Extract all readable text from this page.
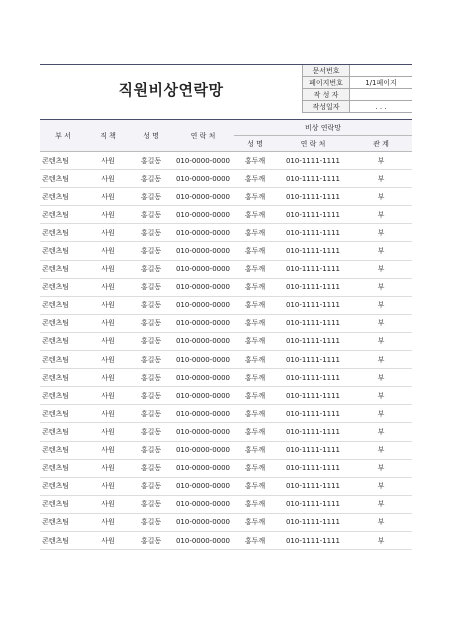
직원비상연락망
문서번호	
페이지번호	1/1페이지
작 성 자	
작성일자	. . .
부 서	직 책	성 명	연 락 처	비상 연락망		
				성 명	연 락 처	관 계
콘텐츠팀	사원	홍길동	010-0000-0000	홍두깨	010-1111-1111	부
콘텐츠팀	사원	홍길동	010-0000-0000	홍두깨	010-1111-1111	부
콘텐츠팀	사원	홍길동	010-0000-0000	홍두깨	010-1111-1111	부
콘텐츠팀	사원	홍길동	010-0000-0000	홍두깨	010-1111-1111	부
콘텐츠팀	사원	홍길동	010-0000-0000	홍두깨	010-1111-1111	부
콘텐츠팀	사원	홍길동	010-0000-0000	홍두깨	010-1111-1111	부
콘텐츠팀	사원	홍길동	010-0000-0000	홍두깨	010-1111-1111	부
콘텐츠팀	사원	홍길동	010-0000-0000	홍두깨	010-1111-1111	부
콘텐츠팀	사원	홍길동	010-0000-0000	홍두깨	010-1111-1111	부
콘텐츠팀	사원	홍길동	010-0000-0000	홍두깨	010-1111-1111	부
콘텐츠팀	사원	홍길동	010-0000-0000	홍두깨	010-1111-1111	부
콘텐츠팀	사원	홍길동	010-0000-0000	홍두깨	010-1111-1111	부
콘텐츠팀	사원	홍길동	010-0000-0000	홍두깨	010-1111-1111	부
콘텐츠팀	사원	홍길동	010-0000-0000	홍두깨	010-1111-1111	부
콘텐츠팀	사원	홍길동	010-0000-0000	홍두깨	010-1111-1111	부
콘텐츠팀	사원	홍길동	010-0000-0000	홍두깨	010-1111-1111	부
콘텐츠팀	사원	홍길동	010-0000-0000	홍두깨	010-1111-1111	부
콘텐츠팀	사원	홍길동	010-0000-0000	홍두깨	010-1111-1111	부
콘텐츠팀	사원	홍길동	010-0000-0000	홍두깨	010-1111-1111	부
콘텐츠팀	사원	홍길동	010-0000-0000	홍두깨	010-1111-1111	부
콘텐츠팀	사원	홍길동	010-0000-0000	홍두깨	010-1111-1111	부
콘텐츠팀	사원	홍길동	010-0000-0000	홍두깨	010-1111-1111	부
